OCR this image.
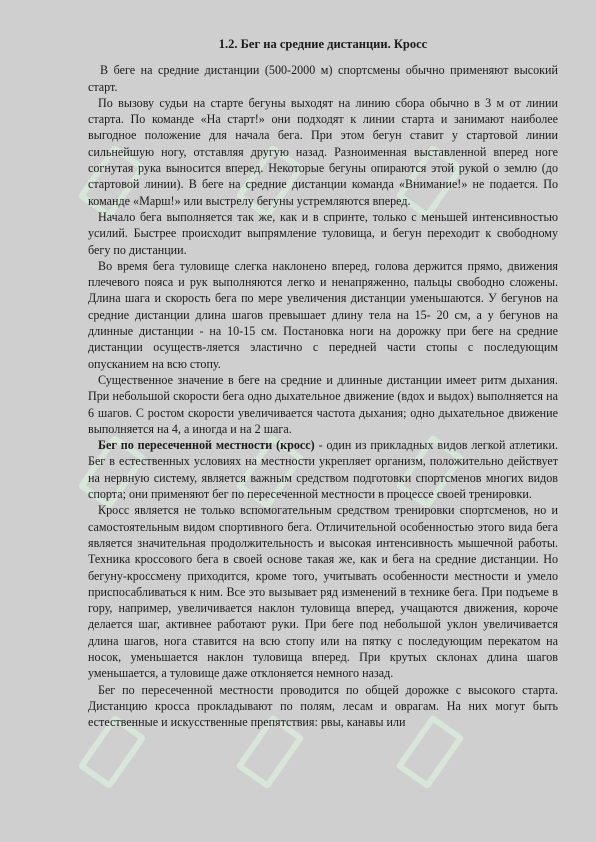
1.2. Бег на средние дистанции. Кросс

В беге на средние дистанции (500-2000 м) спортсмены обычно применяют высокий старт.

По вызову судьи на старте бегуны выходят на линию сбора обычно в 3 м от линии старта. По команде «На старт!» они подходят к линии старта и занимают наиболее выгодное положение для начала бега. При этом бегун ставит у стартовой линии сильнейшую ногу, отставляя другую назад. Разноименная выставленной вперед ноге согнутая рука выносится вперед. Некоторые бегуны опираются этой рукой о землю (до стартовой линии). В беге на средние дистанции команда «Внимание!» не подается. По команде «Марш!» или выстрелу бегуны устремляются вперед.

Начало бега выполняется так же, как и в спринте, только с меньшей интенсивностью усилий. Быстрее происходит выпрямление туловища, и бегун переходит к свободному бегу по дистанции.

Во время бега туловище слегка наклонено вперед, голова держится прямо, движения плечевого пояса и рук выполняются легко и ненапряженно, пальцы свободно сложены. Длина шага и скорость бега по мере увеличения дистанции уменьшаются. У бегунов на средние дистанции длина шагов превышает длину тела на 15- 20 см, а у бегунов на длинные дистанции - на 10-15 см. Постановка ноги на дорожку при беге на средние дистанции осуществ-ляется эластично с передней части стопы с последующим опусканием на всю стопу.

Существенное значение в беге на средние и длинные дистанции имеет ритм дыхания. При небольшой скорости бега одно дыхательное движение (вдох и выдох) выполняется на 6 шагов. С ростом скорости увеличивается частота дыхания; одно дыхательное движение выполняется на 4, а иногда и на 2 шага.

Бег по пересеченной местности (кросс) - один из прикладных видов легкой атлетики. Бег в естественных условиях на местности укрепляет организм, положительно действует на нервную систему, является важным средством подготовки спортсменов многих видов спорта; они применяют бег по пересеченной местности в процессе своей тренировки.

Кросс является не только вспомогательным средством тренировки спортсменов, но и самостоятельным видом спортивного бега. Отличительной особенностью этого вида бега является значительная продолжительность и высокая интенсивность мышечной работы. Техника кроссового бега в своей основе такая же, как и бега на средние дистанции. Но бегуну-кроссмену приходится, кроме того, учитывать особенности местности и умело приспосабливаться к ним. Все это вызывает ряд изменений в технике бега. При подъеме в гору, например, увеличивается наклон туловища вперед, учащаются движения, короче делается шаг, активнее работают руки. При беге под небольшой уклон увеличивается длина шагов, нога ставится на всю стопу или на пятку с последующим перекатом на носок, уменьшается наклон туловища вперед. При крутых склонах длина шагов уменьшается, а туловище даже отклоняется немного назад.

Бег по пересеченной местности проводится по общей дорожке с высокого старта. Дистанцию кросса прокладывают по полям, лесам и оврагам. На них могут быть естественные и искусственные препятствия: рвы, канавы или
